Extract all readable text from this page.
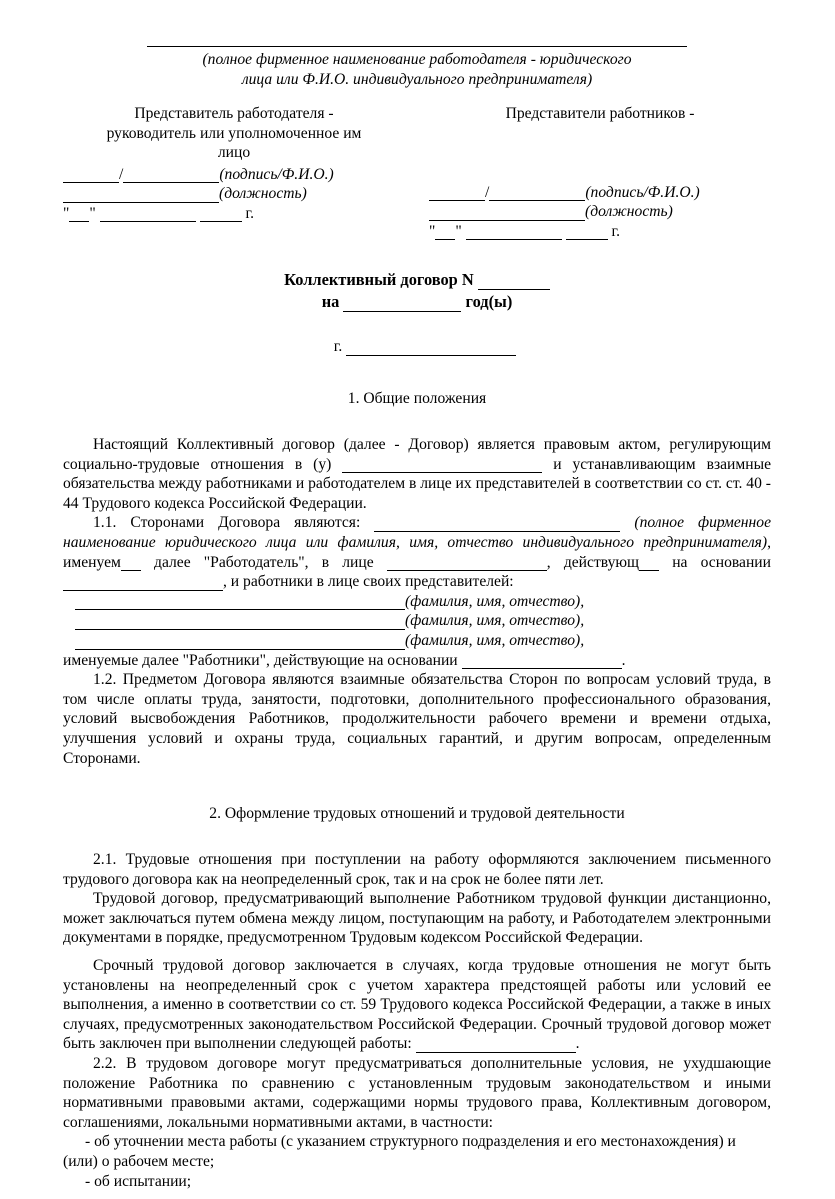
(полное фирменное наименование работодателя - юридического
лица или Ф.И.О. индивидуального предпринимателя)
Представитель работодателя -
руководитель или уполномоченное им
лицо
/	(подпись/Ф.И.О.)
(должность)
" "	г.
Представители работников -
/	(подпись/Ф.И.О.)
(должность)
" "	г.
Коллективный договор N
на	год(ы)
г.
1. Общие положения

Настоящий Коллективный договор (далее - Договор) является правовым актом, регулирующим социально-трудовые отношения в (у)	и устанавливающим взаимные обязательства между работниками и работодателем в лице их представителей в соответствии со ст. ст. 40 - 44 Трудового кодекса Российской Федерации.

1.1. Сторонами Договора являются:	(полное фирменное наименование юридического лица или фамилия, имя, отчество индивидуального предпринимателя), именуем далее "Работодатель", в лице	, действующ на основании , и работники в лице своих представителей:

(фамилия, имя, отчество),
(фамилия, имя, отчество),
(фамилия, имя, отчество),

именуемые далее "Работники", действующие на основании	.

1.2. Предметом Договора являются взаимные обязательства Сторон по вопросам условий труда, в том числе оплаты труда, занятости, подготовки, дополнительного профессионального образования, условий высвобождения Работников, продолжительности рабочего времени и времени отдыха, улучшения условий и охраны труда, социальных гарантий, и другим вопросам, определенным Сторонами.

2. Оформление трудовых отношений и трудовой деятельности

2.1. Трудовые отношения при поступлении на работу оформляются заключением письменного трудового договора как на неопределенный срок, так и на срок не более пяти лет.

Трудовой договор, предусматривающий выполнение Работником трудовой функции дистанционно, может заключаться путем обмена между лицом, поступающим на работу, и Работодателем электронными документами в порядке, предусмотренном Трудовым кодексом Российской Федерации.

Срочный трудовой договор заключается в случаях, когда трудовые отношения не могут быть установлены на неопределенный срок с учетом характера предстоящей работы или условий ее выполнения, а именно в соответствии со ст. 59 Трудового кодекса Российской Федерации, а также в иных случаях, предусмотренных законодательством Российской Федерации. Срочный трудовой договор может быть заключен при выполнении следующей работы:	.

2.2. В трудовом договоре могут предусматриваться дополнительные условия, не ухудшающие положение Работника по сравнению с установленным трудовым законодательством и иными нормативными правовыми актами, содержащими нормы трудового права, Коллективным договором, соглашениями, локальными нормативными актами, в частности:

- об уточнении места работы (с указанием структурного подразделения и его местонахождения) и (или) о рабочем месте;

- об испытании;
